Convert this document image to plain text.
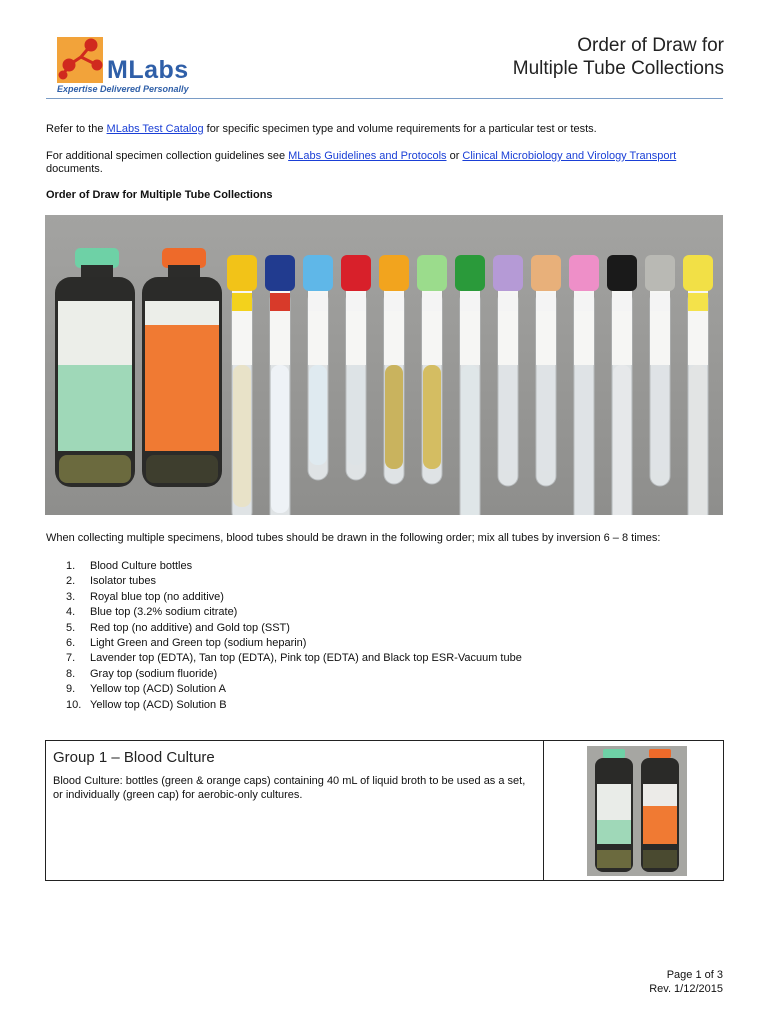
MLabs
Expertise Delivered Personally
Order of Draw for
Multiple Tube Collections
Refer to the MLabs Test Catalog for specific specimen type and volume requirements for a particular test or tests.
For additional specimen collection guidelines see MLabs Guidelines and Protocols or Clinical Microbiology and Virology Transport documents.
Order of Draw for Multiple Tube Collections
When collecting multiple specimens, blood tubes should be drawn in the following order; mix all tubes by inversion 6 – 8 times:
1. Blood Culture bottles
2. Isolator tubes
3. Royal blue top (no additive)
4. Blue top (3.2% sodium citrate)
5. Red top (no additive) and Gold top (SST)
6. Light Green and Green top (sodium heparin)
7. Lavender top (EDTA), Tan top (EDTA), Pink top (EDTA) and Black top ESR-Vacuum tube
8. Gray top (sodium fluoride)
9. Yellow top (ACD) Solution A
10. Yellow top (ACD) Solution B
Group 1 – Blood Culture
Blood Culture: bottles (green & orange caps) containing 40 mL of liquid broth to be used as a set, or individually (green cap) for aerobic-only cultures.
Page 1 of 3
Rev. 1/12/2015
